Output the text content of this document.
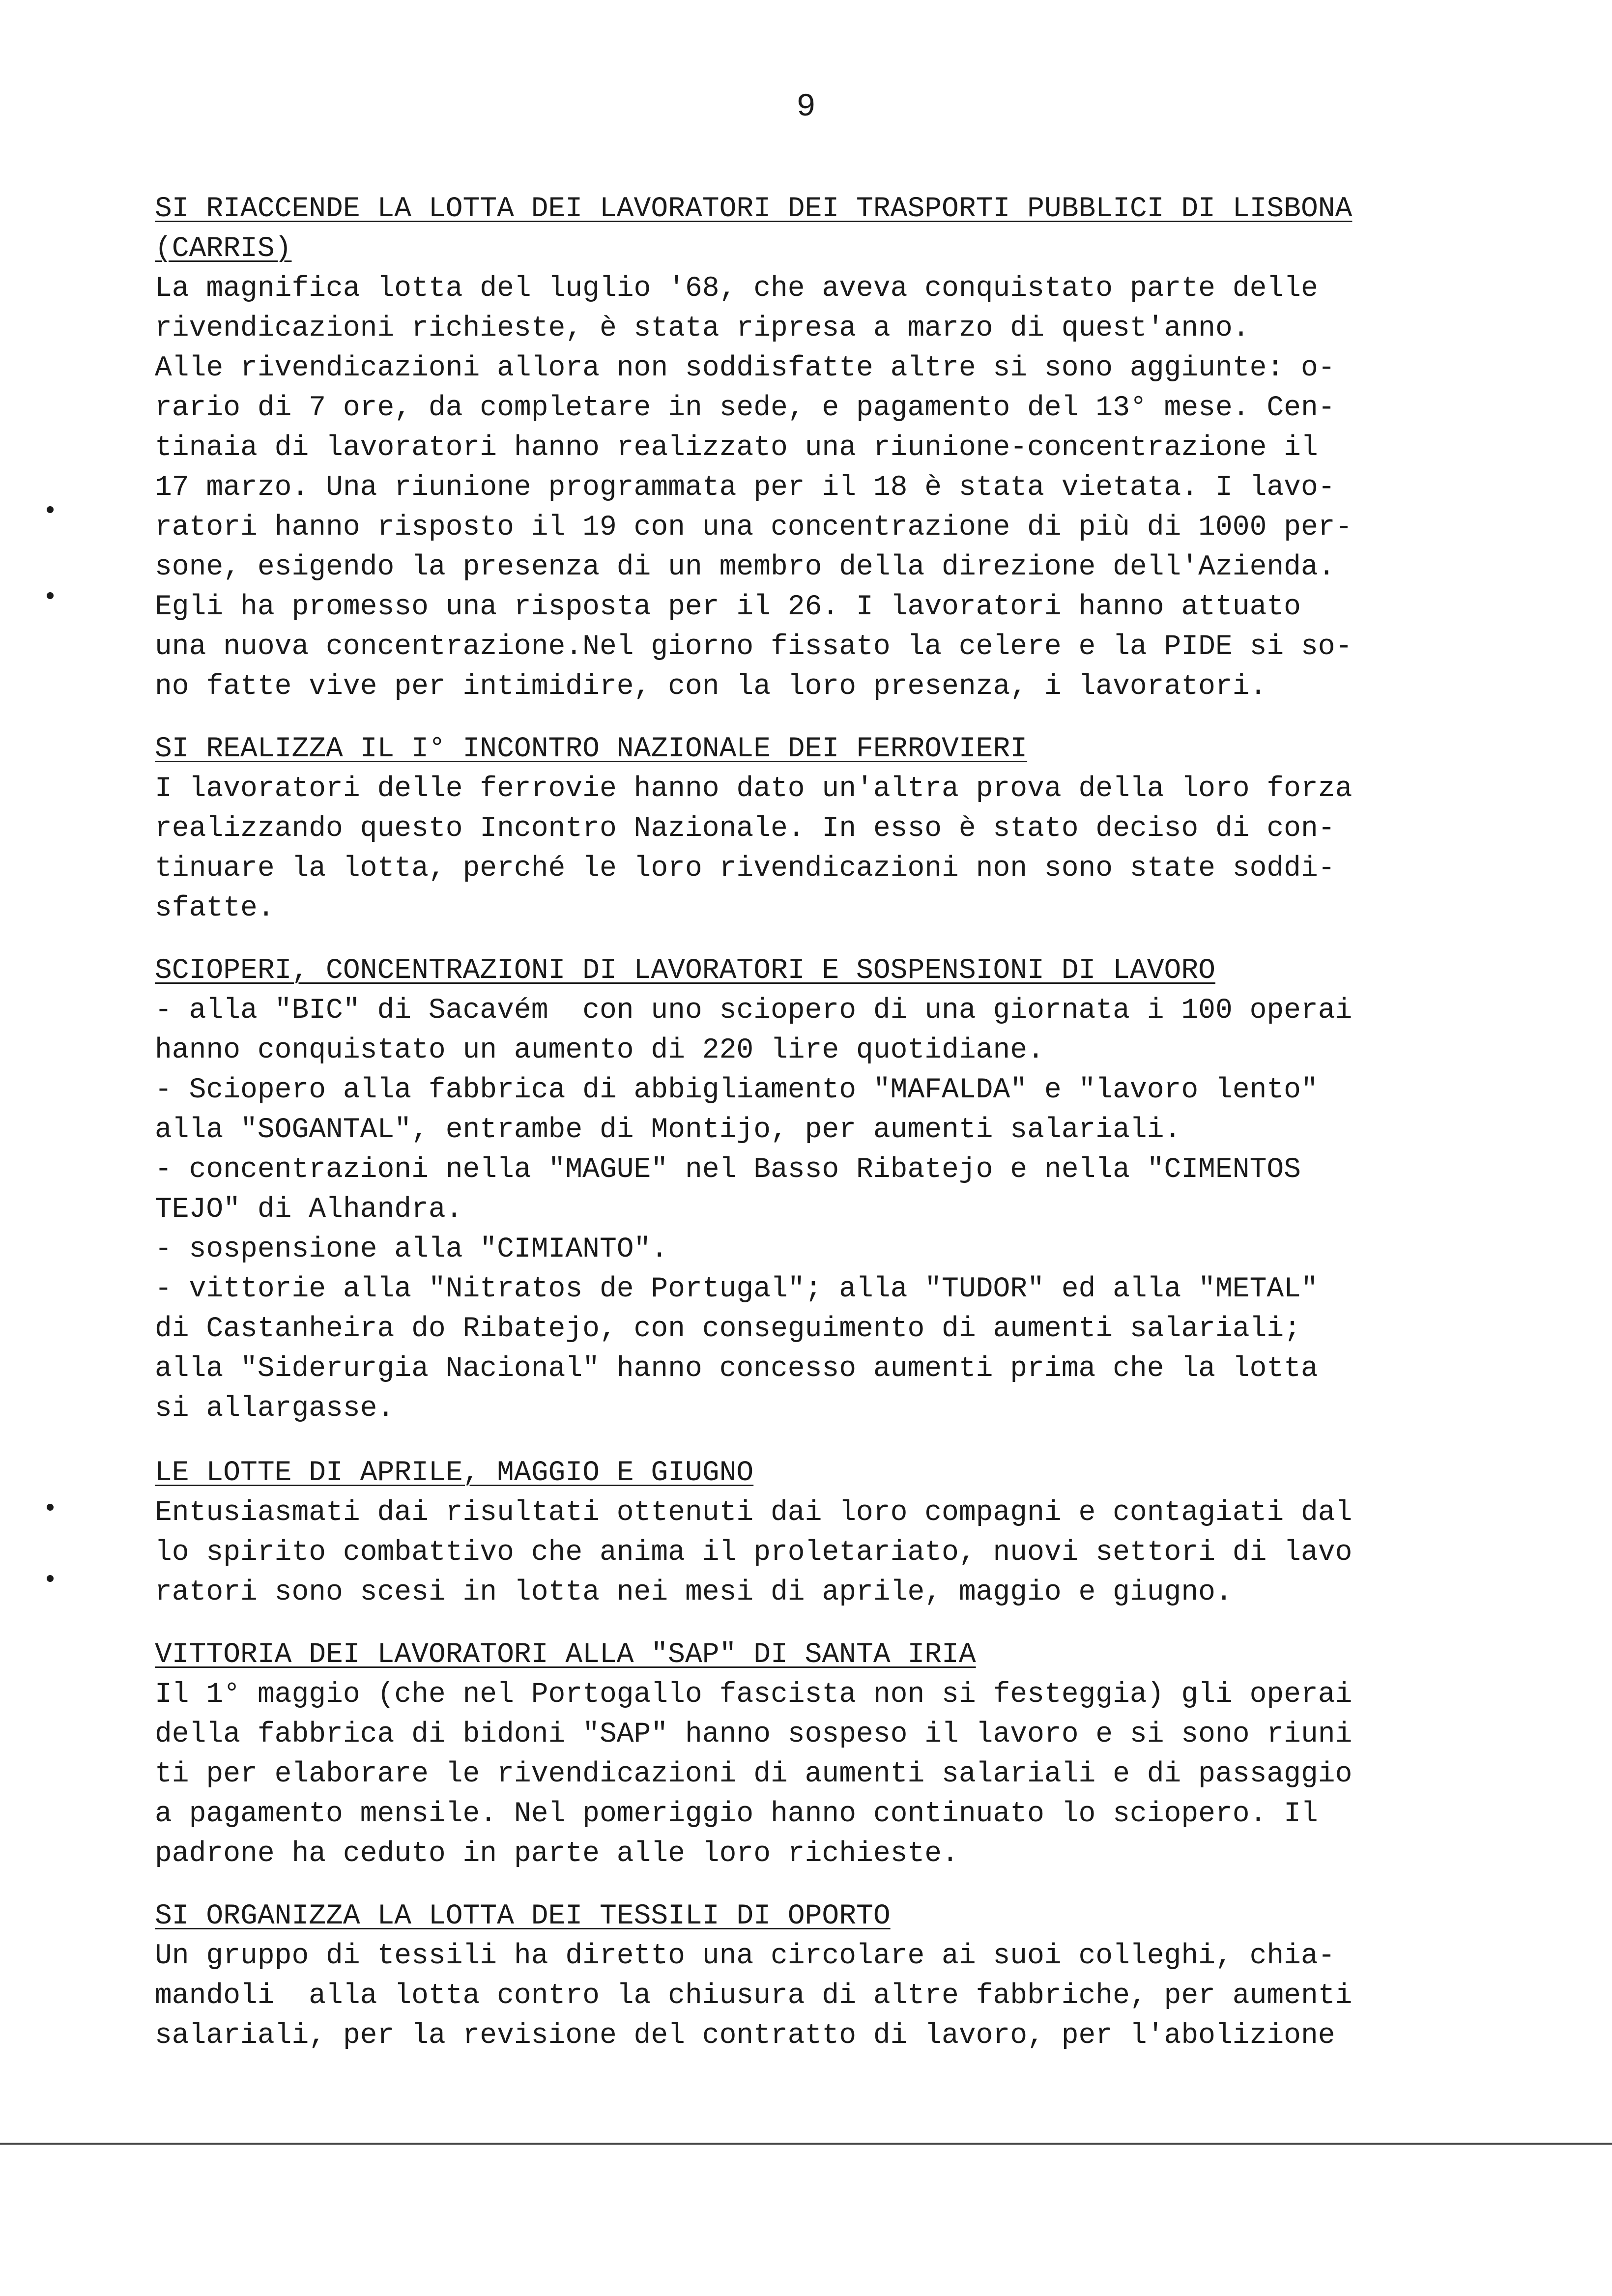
9
SI RIACCENDE LA LOTTA DEI LAVORATORI DEI TRASPORTI PUBBLICI DI LISBONA
(CARRIS)
La magnifica lotta del luglio '68, che aveva conquistato parte delle
rivendicazioni richieste, è stata ripresa a marzo di quest'anno.
Alle rivendicazioni allora non soddisfatte altre si sono aggiunte: o-
rario di 7 ore, da completare in sede, e pagamento del 13° mese. Cen-
tinaia di lavoratori hanno realizzato una riunione-concentrazione il
17 marzo. Una riunione programmata per il 18 è stata vietata. I lavo-
ratori hanno risposto il 19 con una concentrazione di più di 1000 per-
sone, esigendo la presenza di un membro della direzione dell'Azienda.
Egli ha promesso una risposta per il 26. I lavoratori hanno attuato
una nuova concentrazione.Nel giorno fissato la celere e la PIDE si so-
no fatte vive per intimidire, con la loro presenza, i lavoratori.
SI REALIZZA IL I° INCONTRO NAZIONALE DEI FERROVIERI
I lavoratori delle ferrovie hanno dato un'altra prova della loro forza
realizzando questo Incontro Nazionale. In esso è stato deciso di con-
tinuare la lotta, perché le loro rivendicazioni non sono state soddi-
sfatte.
SCIOPERI, CONCENTRAZIONI DI LAVORATORI E SOSPENSIONI DI LAVORO
- alla "BIC" di Sacavém  con uno sciopero di una giornata i 100 operai
hanno conquistato un aumento di 220 lire quotidiane.
- Sciopero alla fabbrica di abbigliamento "MAFALDA" e "lavoro lento"
alla "SOGANTAL", entrambe di Montijo, per aumenti salariali.
- concentrazioni nella "MAGUE" nel Basso Ribatejo e nella "CIMENTOS
TEJO" di Alhandra.
- sospensione alla "CIMIANTO".
- vittorie alla "Nitratos de Portugal"; alla "TUDOR" ed alla "METAL"
di Castanheira do Ribatejo, con conseguimento di aumenti salariali;
alla "Siderurgia Nacional" hanno concesso aumenti prima che la lotta
si allargasse.
LE LOTTE DI APRILE, MAGGIO E GIUGNO
Entusiasmati dai risultati ottenuti dai loro compagni e contagiati dal
lo spirito combattivo che anima il proletariato, nuovi settori di lavo
ratori sono scesi in lotta nei mesi di aprile, maggio e giugno.
VITTORIA DEI LAVORATORI ALLA "SAP" DI SANTA IRIA
Il 1° maggio (che nel Portogallo fascista non si festeggia) gli operai
della fabbrica di bidoni "SAP" hanno sospeso il lavoro e si sono riuni
ti per elaborare le rivendicazioni di aumenti salariali e di passaggio
a pagamento mensile. Nel pomeriggio hanno continuato lo sciopero. Il
padrone ha ceduto in parte alle loro richieste.
SI ORGANIZZA LA LOTTA DEI TESSILI DI OPORTO
Un gruppo di tessili ha diretto una circolare ai suoi colleghi, chia-
mandoli  alla lotta contro la chiusura di altre fabbriche, per aumenti
salariali, per la revisione del contratto di lavoro, per l'abolizione
